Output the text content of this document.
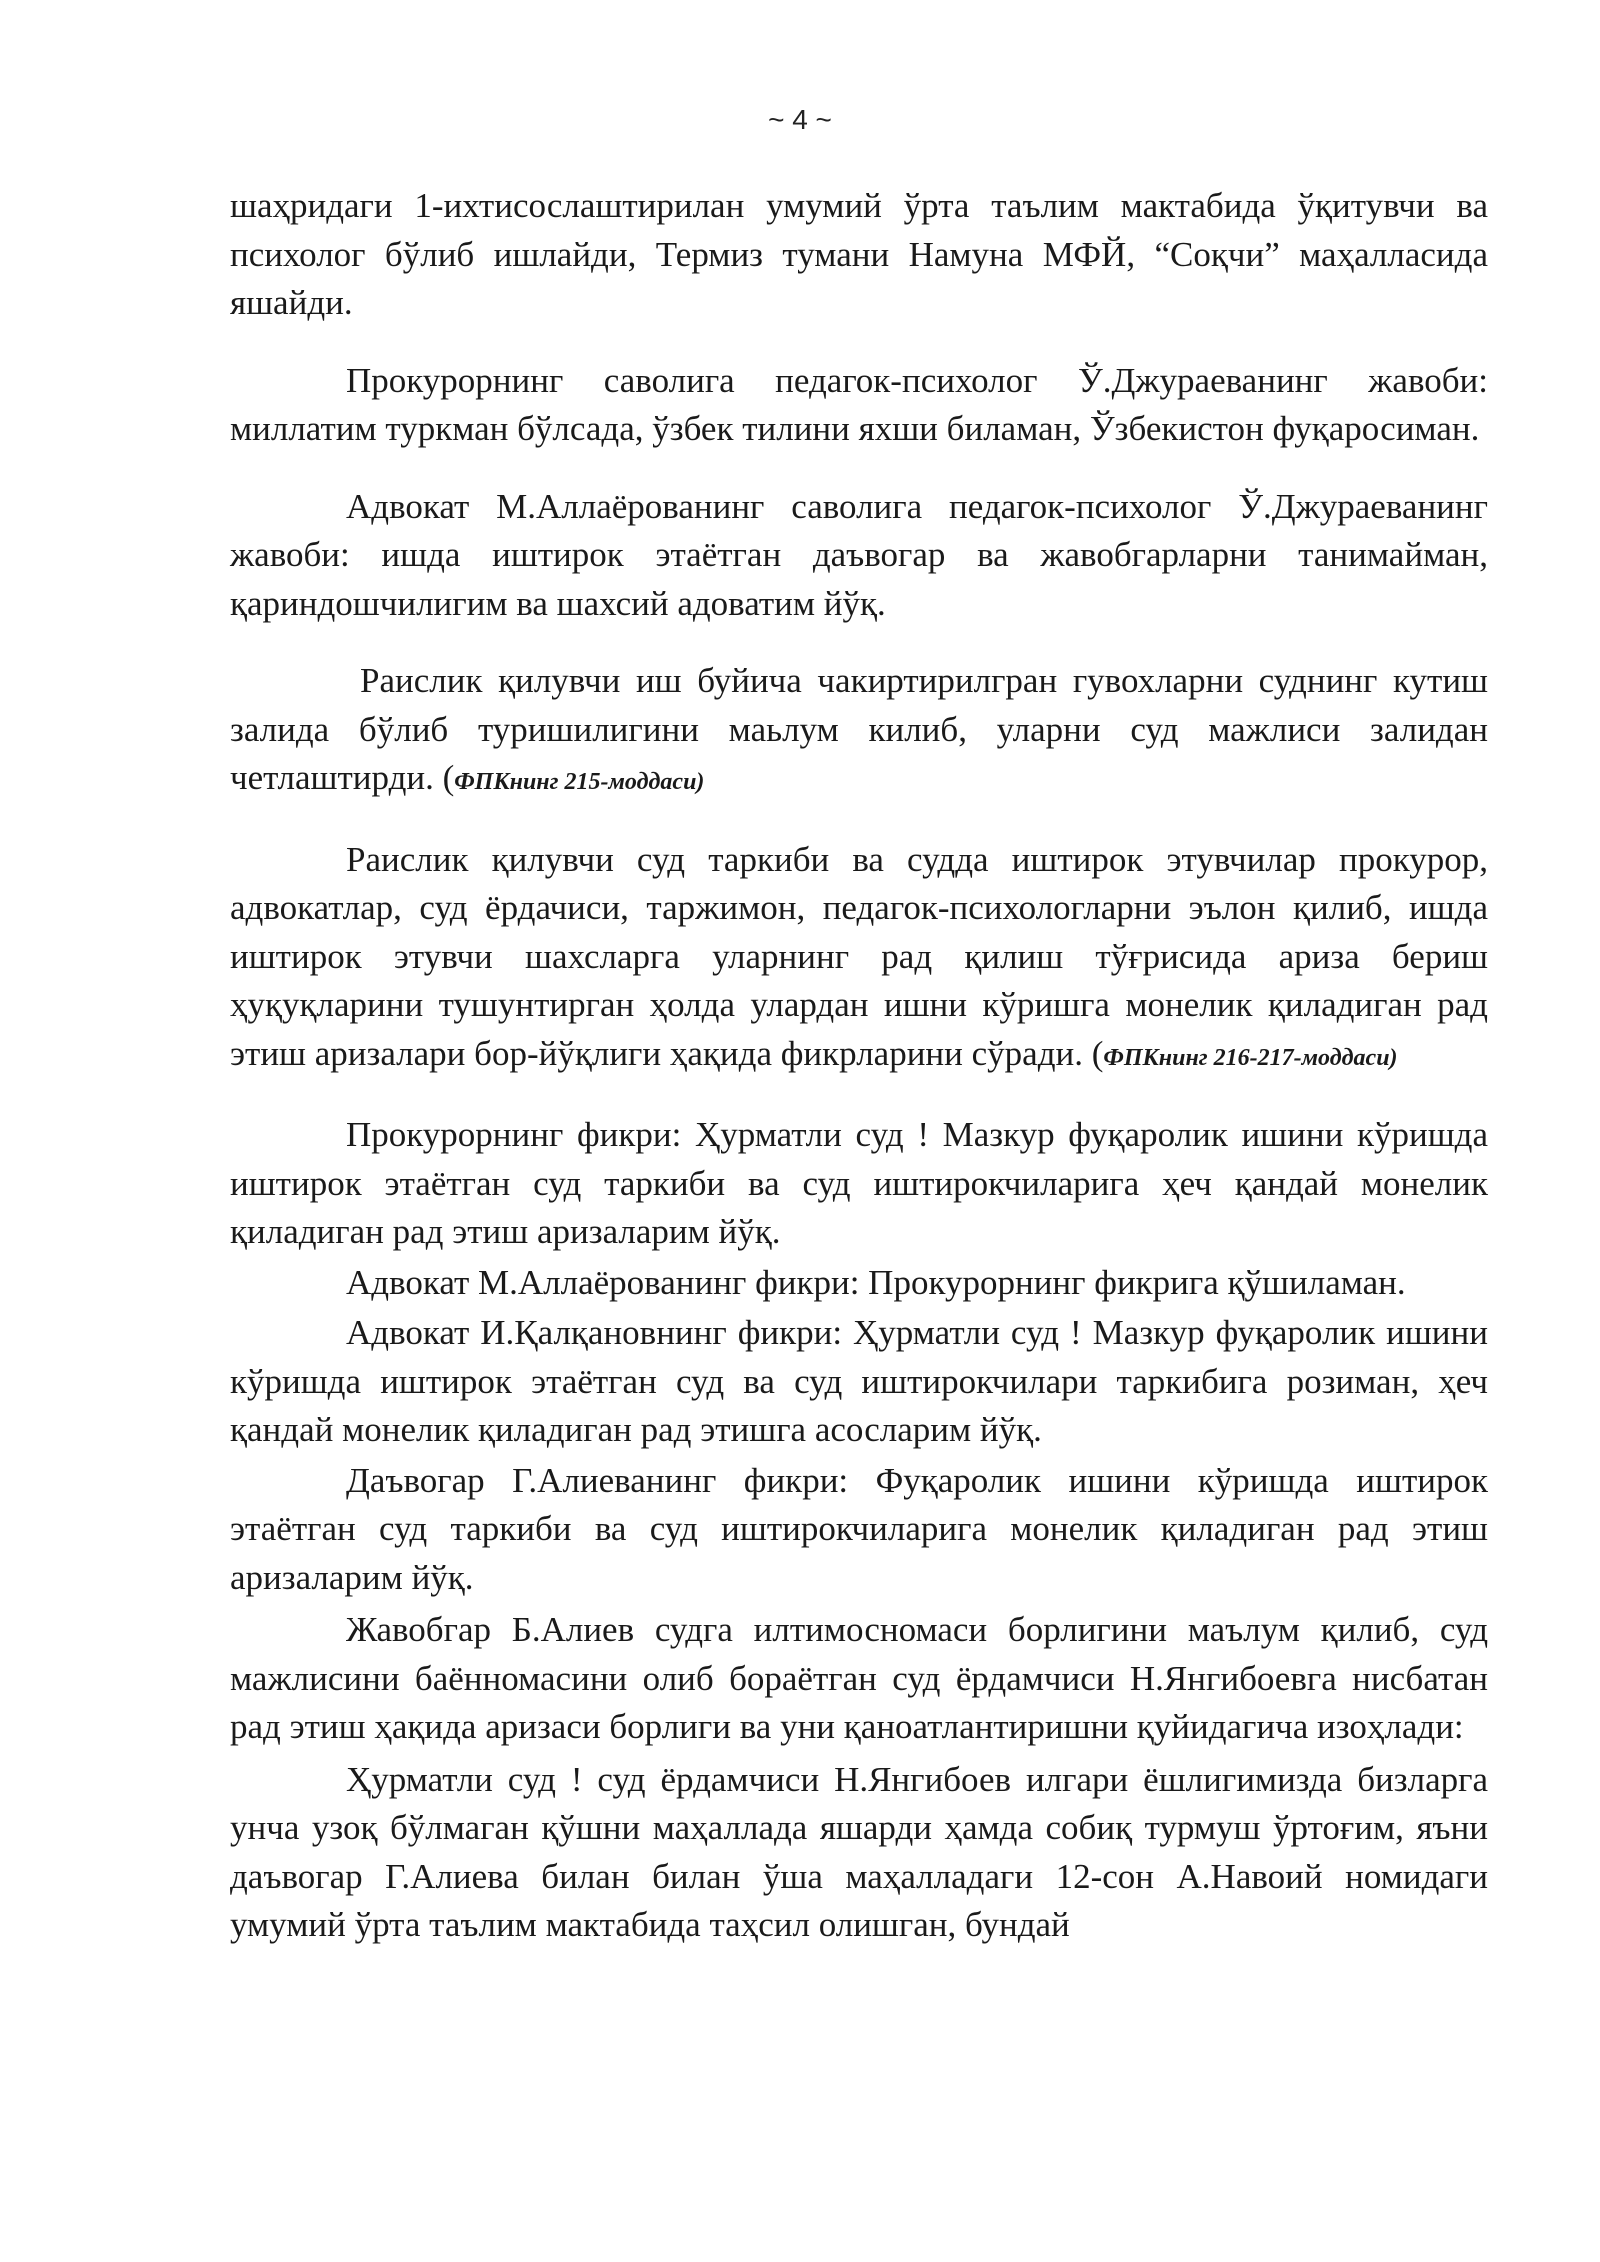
~ 4 ~

шаҳридаги 1-ихтисослаштирилан умумий ўрта таълим мактабида ўқитувчи ва психолог бўлиб ишлайди, Термиз тумани Намуна МФЙ, “Соқчи” маҳалласида яшайди.

Прокурорнинг саволига педагок-психолог Ў.Джураеванинг жавоби: миллатим туркман бўлсада, ўзбек тилини яхши биламан, Ўзбекистон фуқаросиман.

Адвокат М.Аллаёрованинг саволига педагок-психолог Ў.Джураеванинг жавоби: ишда иштирок этаётган даъвогар ва жавобгарларни танимайман, қариндошчилигим ва шахсий адоватим йўқ.

Раислик қилувчи иш буйича чакиртирилгран гувохларни суднинг кутиш залида бўлиб туришилигини маьлум килиб, уларни суд мажлиси залидан четлаштирди. (ФПКнинг 215-моддаси)

Раислик қилувчи суд таркиби ва судда иштирок этувчилар прокурор, адвокатлар, суд ёрдачиси, таржимон, педагок-психологларни эълон қилиб, ишда иштирок этувчи шахсларга уларнинг рад қилиш тўғрисида ариза бериш ҳуқуқларини тушунтирган ҳолда улардан ишни кўришга монелик қиладиган рад этиш аризалари бор-йўқлиги ҳақида фикрларини сўради. (ФПКнинг 216-217-моддаси)

Прокурорнинг фикри: Ҳурматли суд ! Мазкур фуқаролик ишини кўришда иштирок этаётган суд таркиби ва суд иштирокчиларига ҳеч қандай монелик қиладиган рад этиш аризаларим йўқ.

Адвокат М.Аллаёрованинг фикри: Прокурорнинг фикрига қўшиламан.

Адвокат И.Қалқановнинг фикри: Ҳурматли суд ! Мазкур фуқаролик ишини кўришда иштирок этаётган суд ва суд иштирокчилари таркибига розиман, ҳеч қандай монелик қиладиган рад этишга асосларим йўқ.

Даъвогар Г.Алиеванинг фикри: Фуқаролик ишини кўришда иштирок этаётган суд таркиби ва суд иштирокчиларига монелик қиладиган рад этиш аризаларим йўқ.

Жавобгар Б.Алиев судга илтимосномаси борлигини маълум қилиб, суд мажлисини баённомасини олиб бораётган суд ёрдамчиси Н.Янгибоевга нисбатан рад этиш ҳақида аризаси борлиги ва уни қаноатлантиришни қуйидагича изоҳлади:

Ҳурматли суд ! суд ёрдамчиси Н.Янгибоев илгари ёшлигимизда бизларга унча узоқ бўлмаган қўшни маҳаллада яшарди ҳамда собиқ турмуш ўртоғим, яъни даъвогар Г.Алиева билан билан ўша маҳалладаги 12-сон А.Навоий номидаги умумий ўрта таълим мактабида таҳсил олишган, бундай
